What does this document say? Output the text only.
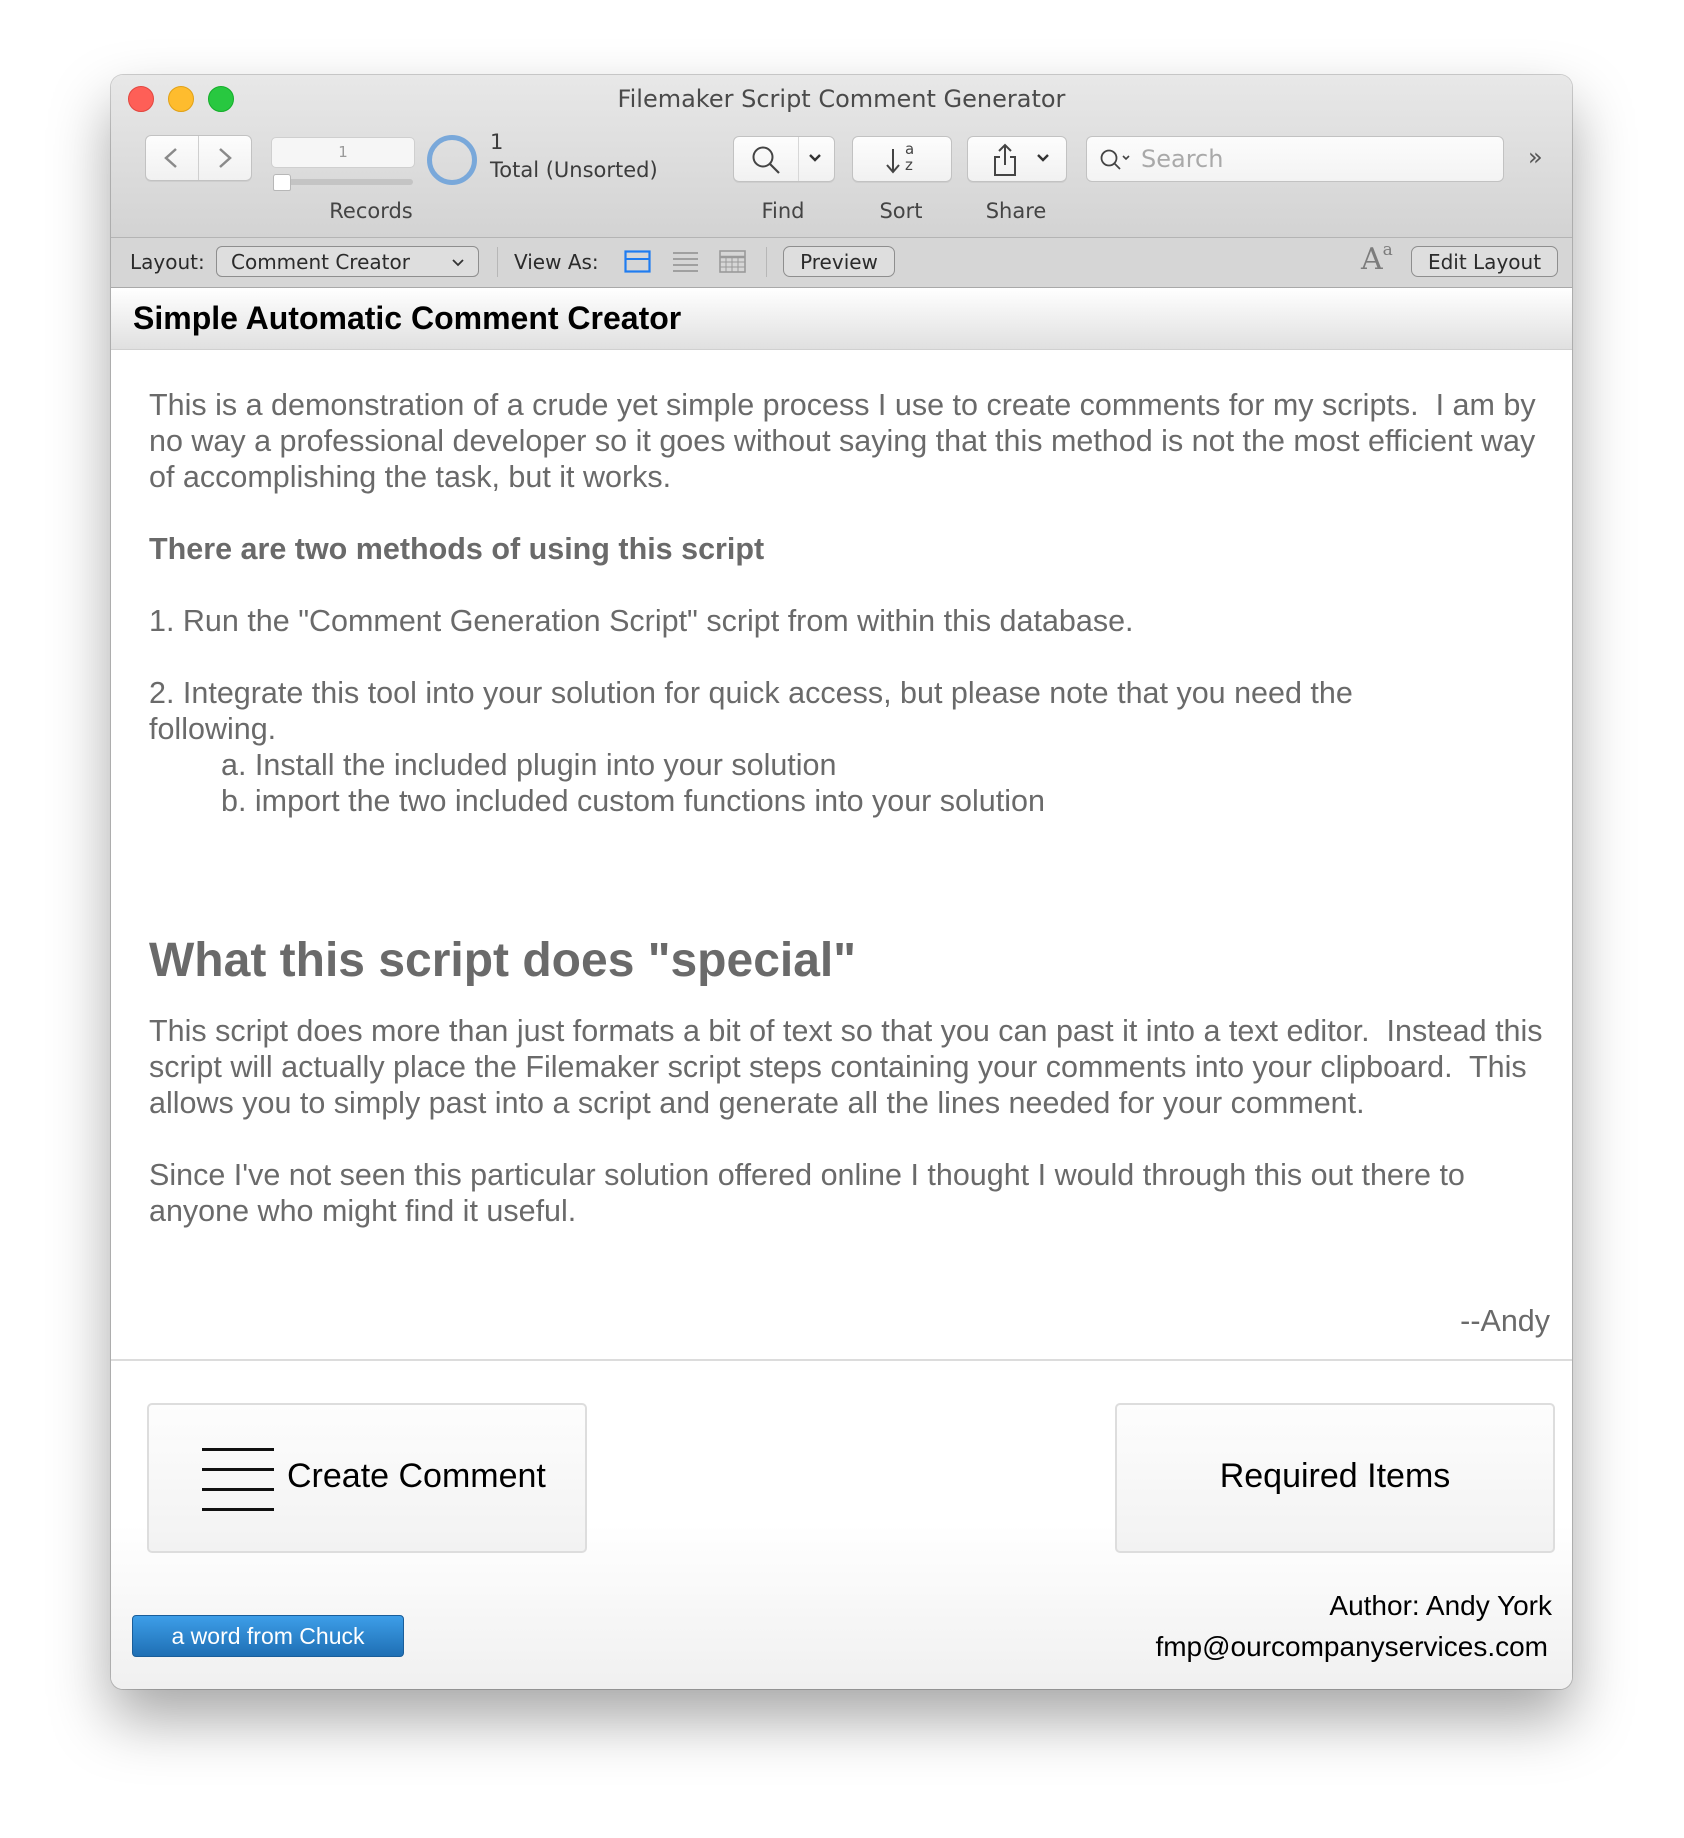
Filemaker Script Comment Generator
1	1
Total (Unsorted)
Records	Find
a
z
Sort	Share
Search	»
Layout: Comment Creator	View As:	Preview	$A^a$	Edit Layout
Simple Automatic Comment Creator

This is a demonstration of a crude yet simple process I use to create comments for my scripts.  I am by no way a professional developer so it goes without saying that this method is not the most efficient way of accomplishing the task, but it works.

There are two methods of using this script

1. Run the "Comment Generation Script" script from within this database.

2. Integrate this tool into your solution for quick access, but please note that you need the following.

a. Install the included plugin into your solution

b. import the two included custom functions into your solution

What this script does "special"

This script does more than just formats a bit of text so that you can past it into a text editor.  Instead this script will actually place the Filemaker script steps containing your comments into your clipboard.  This allows you to simply past into a script and generate all the lines needed for your comment.

Since I've not seen this particular solution offered online I thought I would through this out there to anyone who might find it useful.

--Andy
Create Comment	Required Items
a word from Chuck
Author: Andy York
fmp@ourcompanyservices.com
